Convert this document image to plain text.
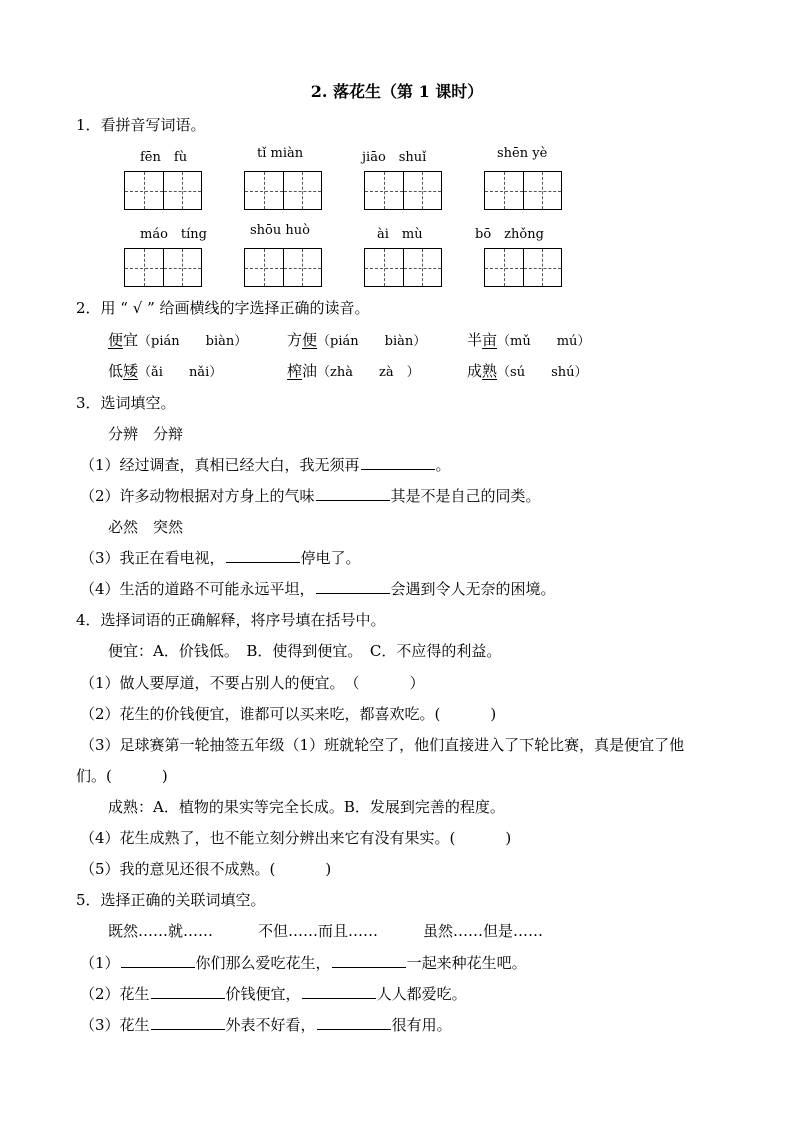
2. 落花生（第 1 课时）
1．看拼音写词语。
fēn　fù	tǐ miàn	jiāo　shuǐ	shēn yè
máo　tíng	shōu huò	ài　mù	bō　zhǒng
2．用 “ √ ” 给画横线的字选择正确的读音。
便宜（pián　　biàn）	方便（pián　　biàn）	半亩（mǔ　　mú）
低矮（ǎi　　nǎi）	榨油（zhà　　zà　）	成熟（sú　　shú）
3．选词填空。
分辨　分辩
（1）经过调查，真相已经大白，我无须再	。
（2）许多动物根据对方身上的气味	其是不是自己的同类。
必然　突然
（3）我正在看电视，	停电了。
（4）生活的道路不可能永远平坦，	会遇到令人无奈的困境。
4．选择词语的正确解释，将序号填在括号中。
便宜：A．价钱低。　B．使得到便宜。　C．不应得的利益。
（1）做人要厚道，不要占别人的便宜。　（	）
（2）花生的价钱便宜，谁都可以买来吃，都喜欢吃。(	)
（3）足球赛第一轮抽签五年级（1）班就轮空了，他们直接进入了下轮比赛，真是便宜了他
们。(	)
成熟：A．植物的果实等完全长成。B．发展到完善的程度。
（4）花生成熟了，也不能立刻分辨出来它有没有果实。(	)
（5）我的意见还很不成熟。(	)
5．选择正确的关联词填空。
既然……就……　　　不但……而且……　　　虽然……但是……
（1）	你们那么爱吃花生，	一起来种花生吧。
（2）花生	价钱便宜，	人人都爱吃。
（3）花生	外表不好看，	很有用。
